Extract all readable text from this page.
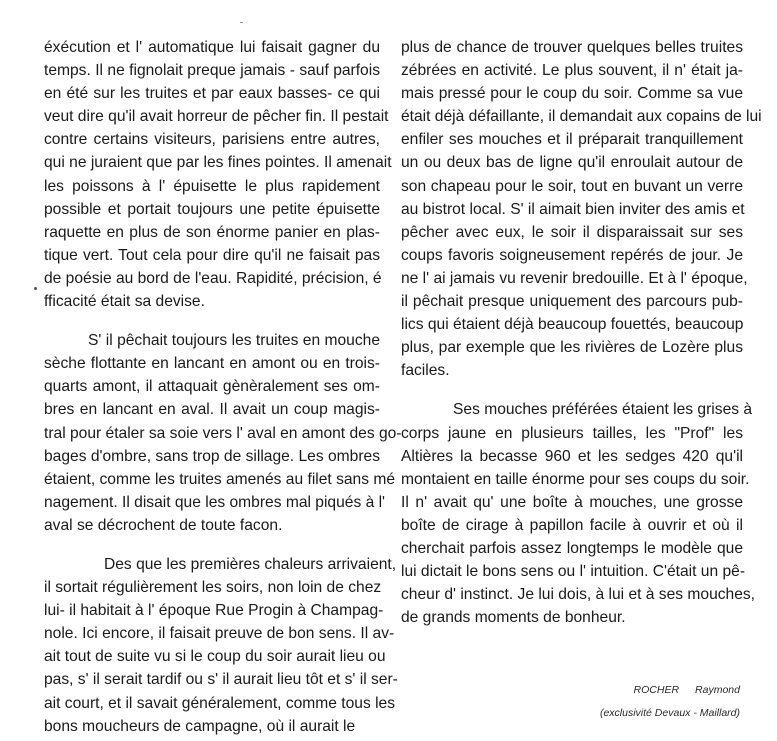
éxécution et l' automatique lui faisait gagner du
temps. Il ne fignolait preque jamais - sauf parfois
en été sur les truites et par eaux basses- ce qui
veut dire qu'il avait horreur de pêcher fin. Il pestait
contre certains visiteurs, parisiens entre autres,
qui ne juraient que par les fines pointes. Il amenait
les poissons à l' épuisette le plus rapidement
possible et portait toujours une petite épuisette
raquette en plus de son énorme panier en plas-
tique vert. Tout cela pour dire qu'il ne faisait pas
de poésie au bord de l'eau. Rapidité, précision, é
fficacité était sa devise.
S' il pêchait toujours les truites en mouche
sèche flottante en lancant en amont ou en trois-
quarts amont, il attaquait gènèralement ses om-
bres en lancant en aval. Il avait un coup magis-
tral pour étaler sa soie vers l' aval en amont des go-
bages d'ombre, sans trop de sillage. Les ombres
étaient, comme les truites amenés au filet sans mé
nagement. Il disait que les ombres mal piqués à l'
aval se décrochent de toute facon.
Des que les premières chaleurs arrivaient,
il sortait régulièrement les soirs, non loin de chez
lui- il habitait à l' époque Rue Progin à Champag-
nole. Ici encore, il faisait preuve de bon sens. Il av-
ait tout de suite vu si le coup du soir aurait lieu ou
pas, s' il serait tardif ou s' il aurait lieu tôt et s' il ser-
ait court, et il savait généralement, comme tous les
bons moucheurs de campagne, où il aurait le
plus de chance de trouver quelques belles truites
zébrées en activité. Le plus souvent, il n' était ja-
mais pressé pour le coup du soir. Comme sa vue
était déjà défaillante, il demandait aux copains de lui
enfiler ses mouches et il préparait tranquillement
un ou deux bas de ligne qu'il enroulait autour de
son chapeau pour le soir, tout en buvant un verre
au bistrot local. S' il aimait bien inviter des amis et
pêcher avec eux, le soir il disparaissait sur ses
coups favoris soigneusement repérés de jour. Je
ne l' ai jamais vu revenir bredouille. Et à l' époque,
il pêchait presque uniquement des parcours pub-
lics qui étaient déjà beaucoup fouettés, beaucoup
plus, par exemple que les rivières de Lozère plus
faciles.
Ses mouches préférées étaient les grises à
corps jaune en plusieurs tailles, les "Prof" les
Altières la becasse 960 et les sedges 420 qu'il
montaient en taille énorme pour ses coups du soir.
Il n' avait qu' une boîte à mouches, une grosse
boîte de cirage à papillon facile à ouvrir et où il
cherchait parfois assez longtemps le modèle que
lui dictait le bons sens ou l' intuition. C'était un pê-
cheur d' instinct. Je lui dois, à lui et à ses mouches,
de grands moments de bonheur.
ROCHER Raymond
(exclusivité Devaux - Maillard)
